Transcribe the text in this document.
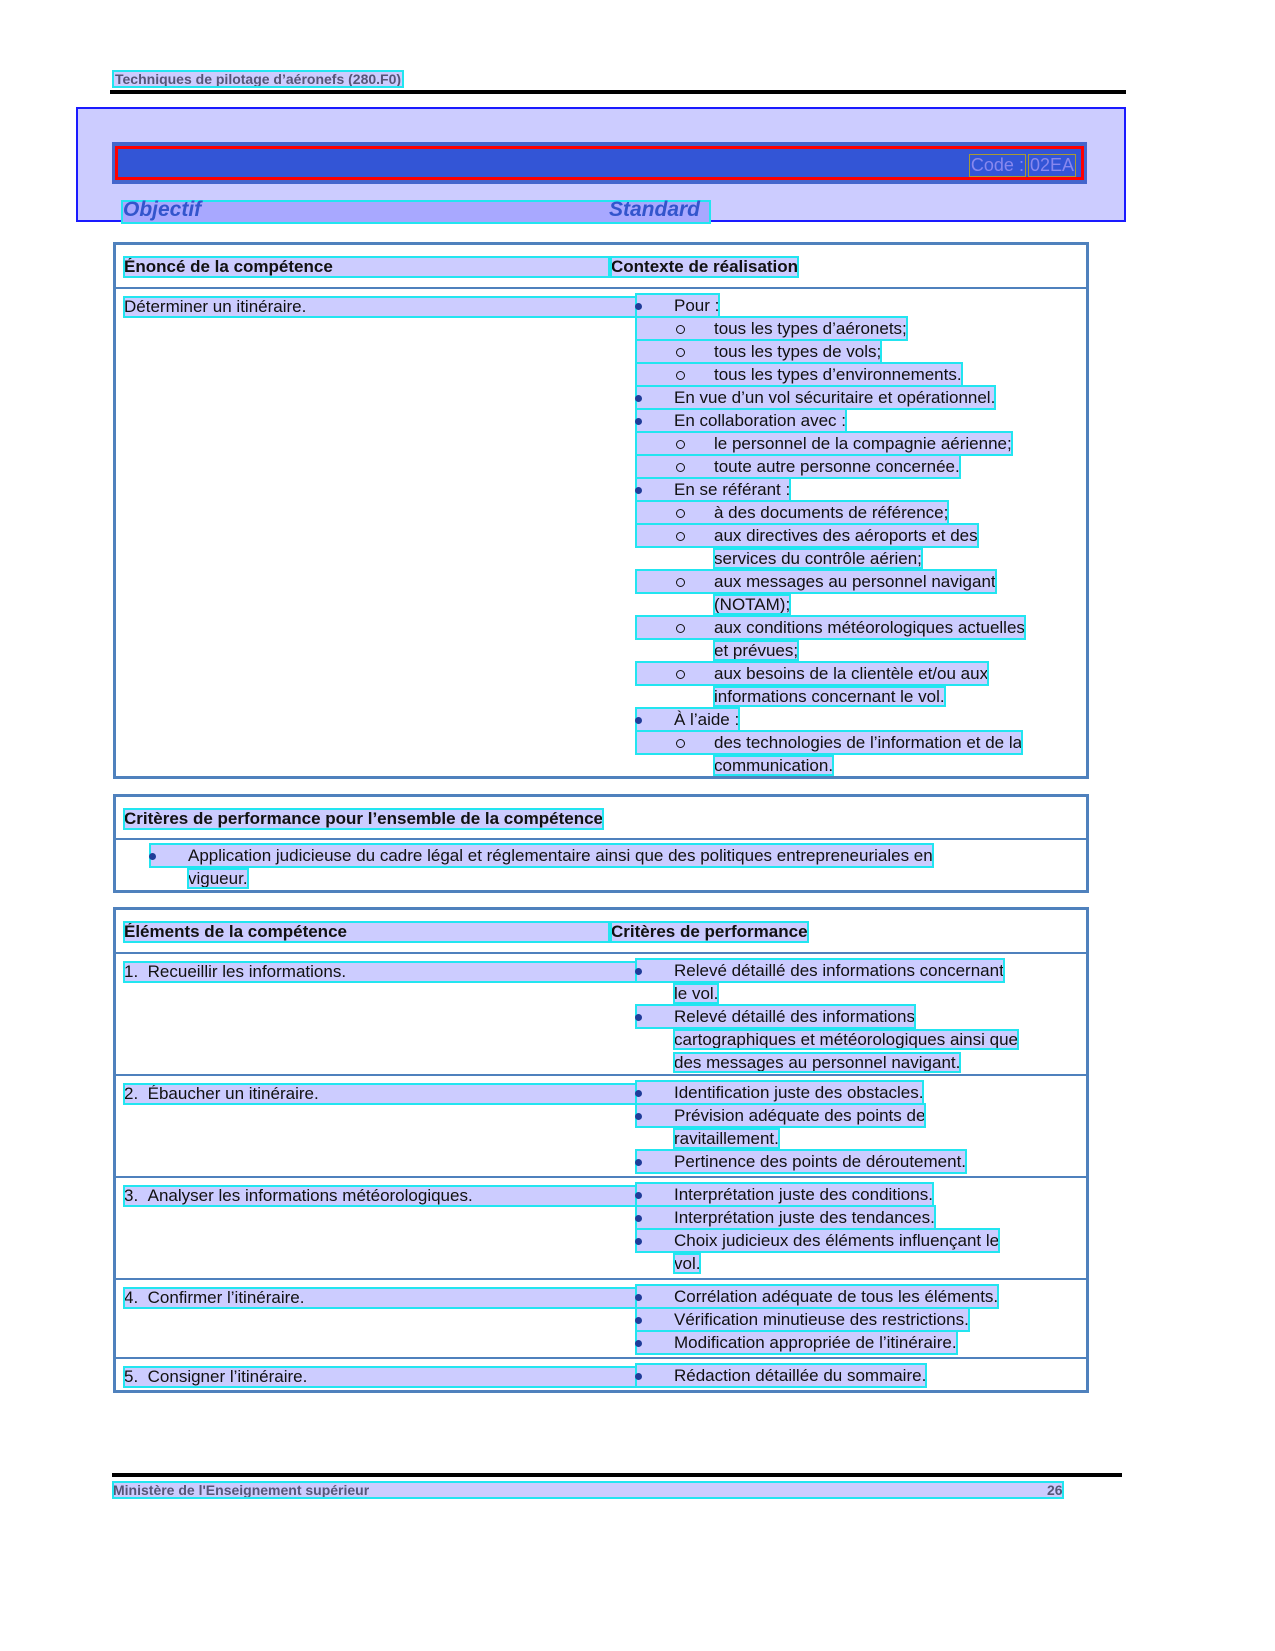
Techniques de pilotage d’aéronefs (280.F0)
Code : 02EA
Objectif	Standard
Énoncé de la compétence	Contexte de réalisation
Déterminer un itinéraire.	Pour :
tous les types d’aéronets;
tous les types de vols;
tous les types d’environnements.
En vue d’un vol sécuritaire et opérationnel.
En collaboration avec :
le personnel de la compagnie aérienne;
toute autre personne concernée.
En se référant :
à des documents de référence;
aux directives des aéroports et des
services du contrôle aérien;
aux messages au personnel navigant
(NOTAM);
aux conditions météorologiques actuelles
et prévues;
aux besoins de la clientèle et/ou aux
informations concernant le vol.
À l’aide :
des technologies de l’information et de la
communication.
Critères de performance pour l’ensemble de la compétence
Application judicieuse du cadre légal et réglementaire ainsi que des politiques entrepreneuriales en
vigueur.
Éléments de la compétence	Critères de performance
1. Recueillir les informations.	Relevé détaillé des informations concernant
le vol.
Relevé détaillé des informations
cartographiques et météorologiques ainsi que
des messages au personnel navigant.
2. Ébaucher un itinéraire.	Identification juste des obstacles.
Prévision adéquate des points de
ravitaillement.
Pertinence des points de déroutement.
3. Analyser les informations météorologiques.	Interprétation juste des conditions.
Interprétation juste des tendances.
Choix judicieux des éléments influençant le
vol.
4. Confirmer l’itinéraire.	Corrélation adéquate de tous les éléments.
Vérification minutieuse des restrictions.
Modification appropriée de l’itinéraire.
5. Consigner l’itinéraire.	Rédaction détaillée du sommaire.
Ministère de l'Enseignement supérieur	26
